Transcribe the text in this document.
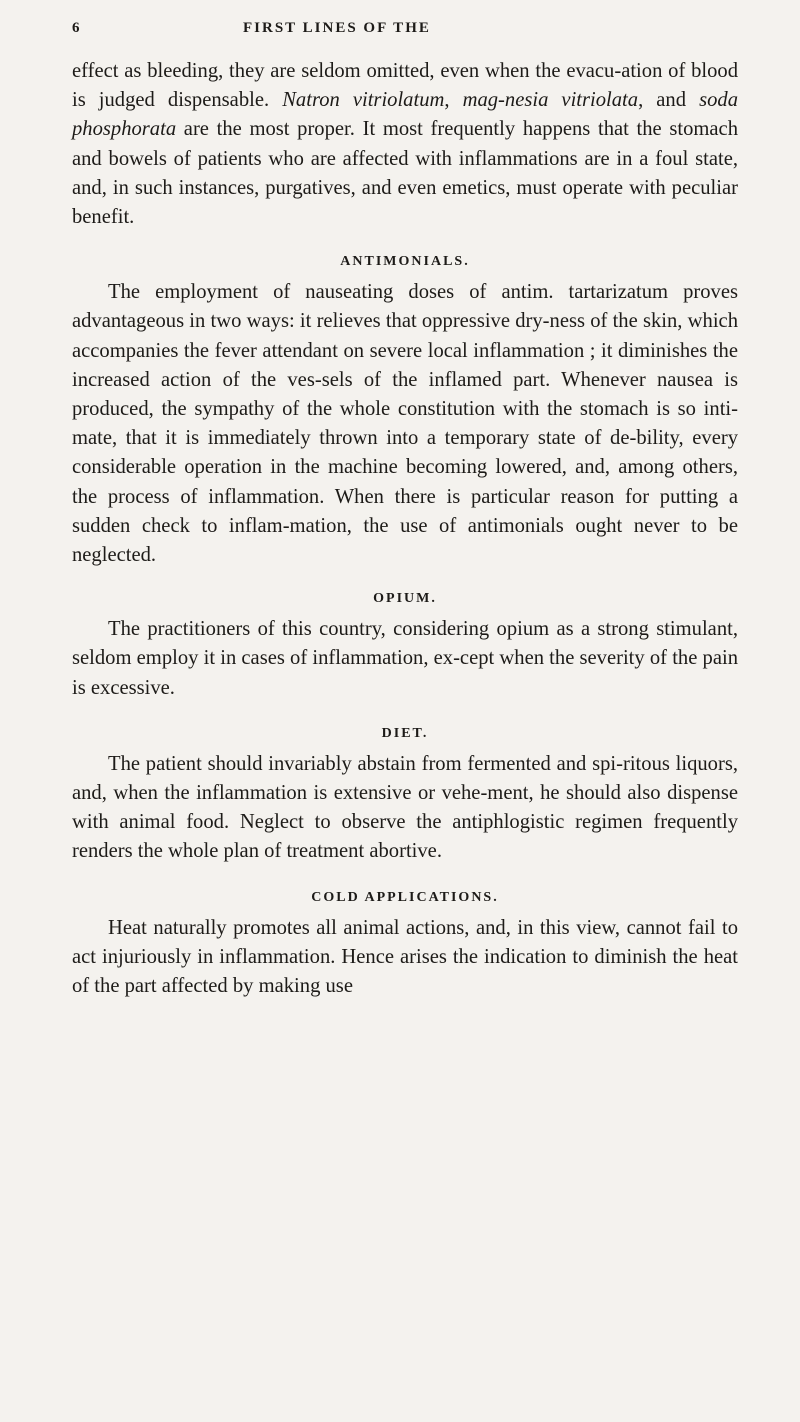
6	FIRST LINES OF THE

effect as bleeding, they are seldom omitted, even when the evacu-ation of blood is judged dispensable. Natron vitriolatum, mag-nesia vitriolata, and soda phosphorata are the most proper. It most frequently happens that the stomach and bowels of patients who are affected with inflammations are in a foul state, and, in such instances, purgatives, and even emetics, must operate with peculiar benefit.

ANTIMONIALS.

The employment of nauseating doses of antim. tartarizatum proves advantageous in two ways: it relieves that oppressive dry-ness of the skin, which accompanies the fever attendant on severe local inflammation ; it diminishes the increased action of the ves-sels of the inflamed part. Whenever nausea is produced, the sympathy of the whole constitution with the stomach is so inti-mate, that it is immediately thrown into a temporary state of de-bility, every considerable operation in the machine becoming lowered, and, among others, the process of inflammation. When there is particular reason for putting a sudden check to inflam-mation, the use of antimonials ought never to be neglected.

OPIUM.

The practitioners of this country, considering opium as a strong stimulant, seldom employ it in cases of inflammation, ex-cept when the severity of the pain is excessive.

DIET.

The patient should invariably abstain from fermented and spi-ritous liquors, and, when the inflammation is extensive or vehe-ment, he should also dispense with animal food. Neglect to observe the antiphlogistic regimen frequently renders the whole plan of treatment abortive.

COLD APPLICATIONS.

Heat naturally promotes all animal actions, and, in this view, cannot fail to act injuriously in inflammation. Hence arises the indication to diminish the heat of the part affected by making use
